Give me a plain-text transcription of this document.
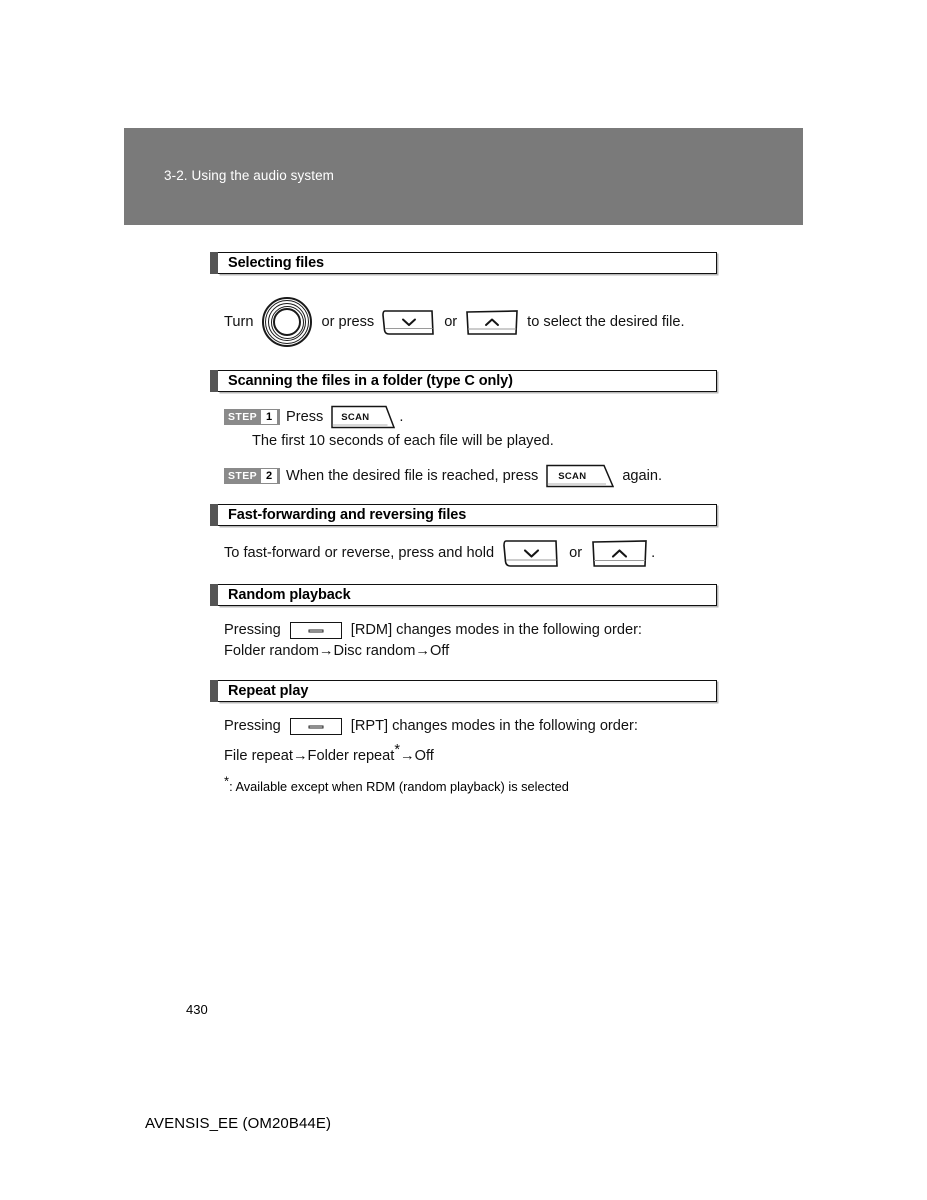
3-2. Using the audio system
Selecting files
Turn	or press	or	to select the desired file.
Scanning the files in a folder (type C only)
STEP 1 Press	SCAN	.
The first 10 seconds of each file will be played.
STEP 2 When the desired file is reached, press	SCAN	again.
Fast-forwarding and reversing files
To fast-forward or reverse, press and hold	or	.
Random playback
Pressing	[RDM] changes modes in the following order:
Folder random→Disc random→Off
Repeat play
Pressing	[RPT] changes modes in the following order:
File repeat→Folder repeat*→Off
*: Available except when RDM (random playback) is selected
430
AVENSIS_EE (OM20B44E)
